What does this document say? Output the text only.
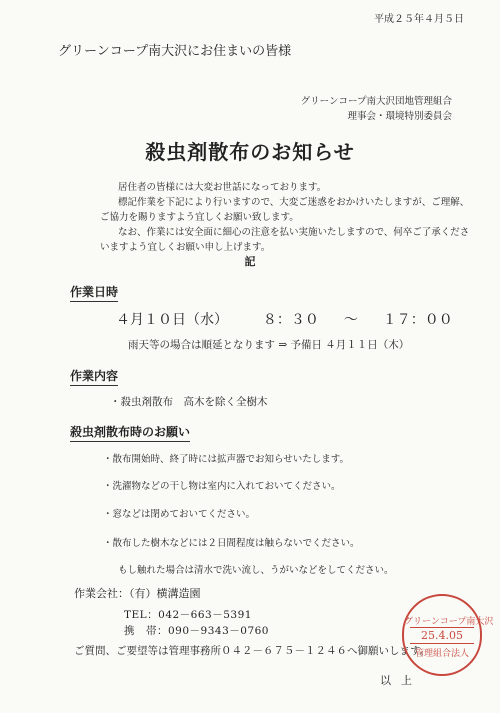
平成２５年４月５日
グリーンコープ南大沢にお住まいの皆様
グリーンコープ南大沢団地管理組合
理事会・環境特別委員会
殺虫剤散布のお知らせ

居住者の皆様には大変お世話になっております。

標記作業を下記により行いますので、大変ご迷惑をおかけいたしますが、ご理解、ご協力を賜りますよう宜しくお願い致します。

なお、作業には安全面に細心の注意を払い実施いたしますので、何卒ご了承くださいますよう宜しくお願い申し上げます。

記
作業日時
４月１０日（水） ８：３０ ～ １７：００
雨天等の場合は順延となります ⇒ 予備日 ４月１１日（木）
作業内容
・殺虫剤散布　高木を除く全樹木
殺虫剤散布時のお願い
・散布開始時、終了時には拡声器でお知らせいたします。
・洗濯物などの干し物は室内に入れておいてください。
・窓などは閉めておいてください。
・散布した樹木などには２日間程度は触らないでください。
もし触れた場合は清水で洗い流し、うがいなどをしてください。
作業会社：（有）横溝造園
TEL：042－663－5391
携　帯：090－9343－0760
ご質問、ご要望等は管理事務所０４２－６７５－１２４６へ御願いします。
以上
グリーンコープ南大沢
25.4.05
管理組合法人
